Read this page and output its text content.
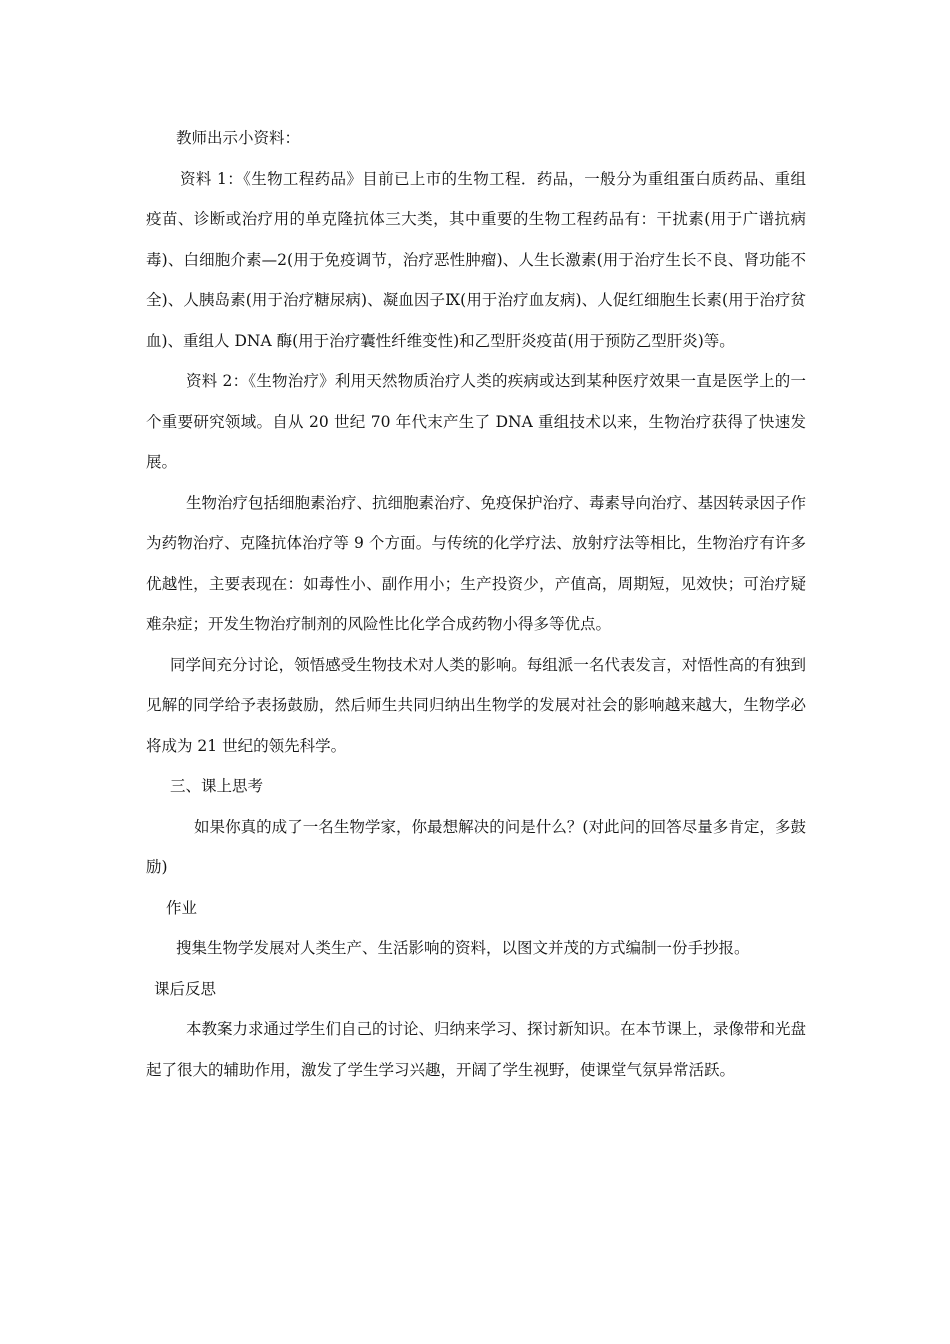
教师出示小资料：

资料 1：《生物工程药品》目前已上市的生物工程．药品，一般分为重组蛋白质药品、重组疫苗、诊断或治疗用的单克隆抗体三大类，其中重要的生物工程药品有：干扰素(用于广谱抗病毒)、白细胞介素—2(用于免疫调节，治疗恶性肿瘤)、人生长激素(用于治疗生长不良、肾功能不全)、人胰岛素(用于治疗糖尿病)、凝血因子Ⅸ(用于治疗血友病)、人促红细胞生长素(用于治疗贫血)、重组人 DNA 酶(用于治疗囊性纤维变性)和乙型肝炎疫苗(用于预防乙型肝炎)等。

资料 2：《生物治疗》利用天然物质治疗人类的疾病或达到某种医疗效果一直是医学上的一个重要研究领域。自从 20 世纪 70 年代末产生了 DNA 重组技术以来，生物治疗获得了快速发展。

生物治疗包括细胞素治疗、抗细胞素治疗、免疫保护治疗、毒素导向治疗、基因转录因子作为药物治疗、克隆抗体治疗等 9 个方面。与传统的化学疗法、放射疗法等相比，生物治疗有许多优越性，主要表现在：如毒性小、副作用小；生产投资少，产值高，周期短，见效快；可治疗疑难杂症；开发生物治疗制剂的风险性比化学合成药物小得多等优点。

同学间充分讨论，领悟感受生物技术对人类的影响。每组派一名代表发言，对悟性高的有独到见解的同学给予表扬鼓励，然后师生共同归纳出生物学的发展对社会的影响越来越大，生物学必将成为 21 世纪的领先科学。

三、课上思考

如果你真的成了一名生物学家，你最想解决的问是什么？(对此问的回答尽量多肯定，多鼓励)

作业

搜集生物学发展对人类生产、生活影响的资料，以图文并茂的方式编制一份手抄报。

课后反思

本教案力求通过学生们自己的讨论、归纳来学习、探讨新知识。在本节课上，录像带和光盘起了很大的辅助作用，激发了学生学习兴趣，开阔了学生视野，使课堂气氛异常活跃。
